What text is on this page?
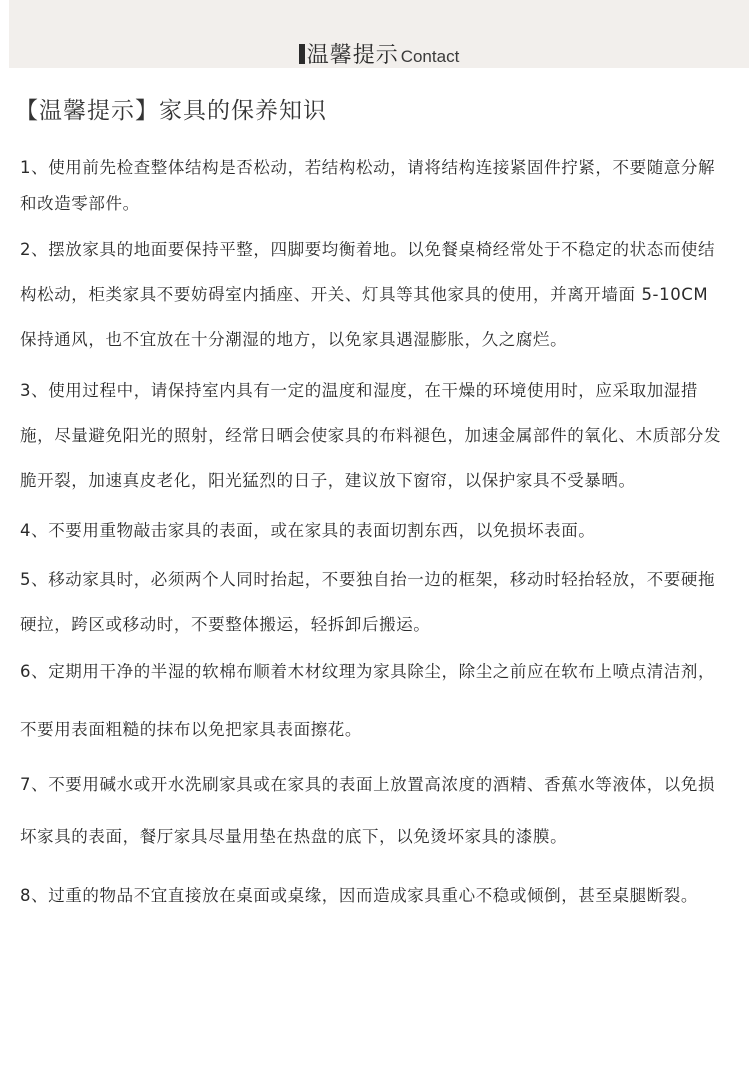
温馨提示 Contact
【温馨提示】家具的保养知识

1、使用前先检查整体结构是否松动，若结构松动，请将结构连接紧固件拧紧，不要随意分解和改造零部件。

2、摆放家具的地面要保持平整，四脚要均衡着地。以免餐桌椅经常处于不稳定的状态而使结构松动，柜类家具不要妨碍室内插座、开关、灯具等其他家具的使用，并离开墙面 5-10CM 保持通风，也不宜放在十分潮湿的地方，以免家具遇湿膨胀，久之腐烂。

3、使用过程中，请保持室内具有一定的温度和湿度，在干燥的环境使用时，应采取加湿措施，尽量避免阳光的照射，经常日晒会使家具的布料褪色，加速金属部件的氧化、木质部分发脆开裂，加速真皮老化，阳光猛烈的日子，建议放下窗帘，以保护家具不受暴晒。

4、不要用重物敲击家具的表面，或在家具的表面切割东西，以免损坏表面。

5、移动家具时，必须两个人同时抬起，不要独自抬一边的框架，移动时轻抬轻放，不要硬拖硬拉，跨区或移动时，不要整体搬运，轻拆卸后搬运。

6、定期用干净的半湿的软棉布顺着木材纹理为家具除尘，除尘之前应在软布上喷点清洁剂，不要用表面粗糙的抹布以免把家具表面擦花。

7、不要用碱水或开水洗刷家具或在家具的表面上放置高浓度的酒精、香蕉水等液体，以免损坏家具的表面，餐厅家具尽量用垫在热盘的底下，以免烫坏家具的漆膜。

8、过重的物品不宜直接放在桌面或桌缘，因而造成家具重心不稳或倾倒，甚至桌腿断裂。
